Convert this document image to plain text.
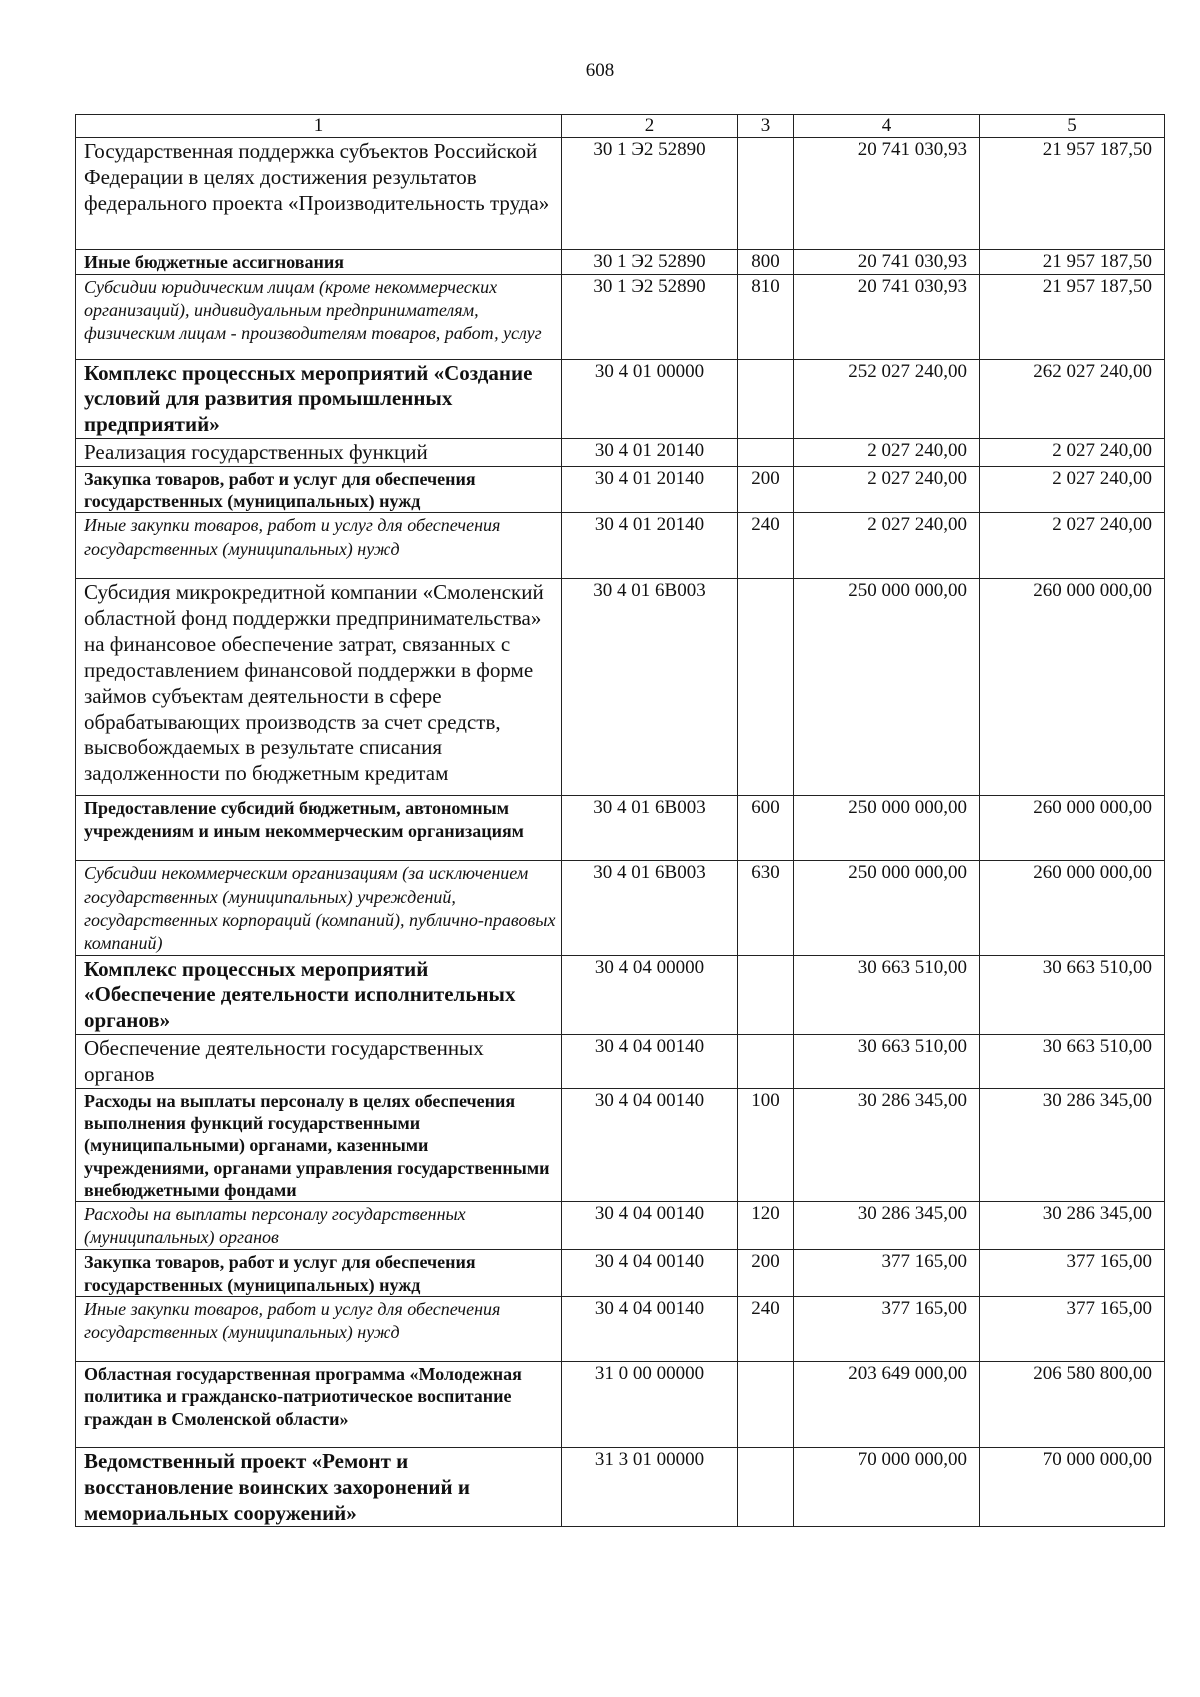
608
1	2	3	4	5
Государственная поддержка субъектов Российской Федерации в целях достижения результатов федерального проекта «Производительность труда»	30 1 Э2 52890		20 741 030,93	21 957 187,50
Иные бюджетные ассигнования	30 1 Э2 52890	800	20 741 030,93	21 957 187,50
Субсидии юридическим лицам (кроме некоммерческих организаций), индивидуальным предпринимателям, физическим лицам - производителям товаров, работ, услуг	30 1 Э2 52890	810	20 741 030,93	21 957 187,50
Комплекс процессных мероприятий «Создание условий для развития промышленных предприятий»	30 4 01 00000		252 027 240,00	262 027 240,00
Реализация государственных функций	30 4 01 20140		2 027 240,00	2 027 240,00
Закупка товаров, работ и услуг для обеспечения государственных (муниципальных) нужд	30 4 01 20140	200	2 027 240,00	2 027 240,00
Иные закупки товаров, работ и услуг для обеспечения государственных (муниципальных) нужд	30 4 01 20140	240	2 027 240,00	2 027 240,00
Субсидия микрокредитной компании «Смоленский областной фонд поддержки предпринимательства» на финансовое обеспечение затрат, связанных с предоставлением финансовой поддержки в форме займов субъектам деятельности в сфере обрабатывающих производств за счет средств, высвобождаемых в результате списания задолженности по бюджетным кредитам	30 4 01 6В003		250 000 000,00	260 000 000,00
Предоставление субсидий бюджетным, автономным учреждениям и иным некоммерческим организациям	30 4 01 6В003	600	250 000 000,00	260 000 000,00
Субсидии некоммерческим организациям (за исключением государственных (муниципальных) учреждений, государственных корпораций (компаний), публично-правовых компаний)	30 4 01 6В003	630	250 000 000,00	260 000 000,00
Комплекс процессных мероприятий «Обеспечение деятельности исполнительных органов»	30 4 04 00000		30 663 510,00	30 663 510,00
Обеспечение деятельности государственных органов	30 4 04 00140		30 663 510,00	30 663 510,00
Расходы на выплаты персоналу в целях обеспечения выполнения функций государственными (муниципальными) органами, казенными учреждениями, органами управления государственными внебюджетными фондами	30 4 04 00140	100	30 286 345,00	30 286 345,00
Расходы на выплаты персоналу государственных (муниципальных) органов	30 4 04 00140	120	30 286 345,00	30 286 345,00
Закупка товаров, работ и услуг для обеспечения государственных (муниципальных) нужд	30 4 04 00140	200	377 165,00	377 165,00
Иные закупки товаров, работ и услуг для обеспечения государственных (муниципальных) нужд	30 4 04 00140	240	377 165,00	377 165,00
Областная государственная программа «Молодежная политика и гражданско-патриотическое воспитание граждан в Смоленской области»	31 0 00 00000		203 649 000,00	206 580 800,00
Ведомственный проект «Ремонт и восстановление воинских захоронений и мемориальных сооружений»	31 3 01 00000		70 000 000,00	70 000 000,00
